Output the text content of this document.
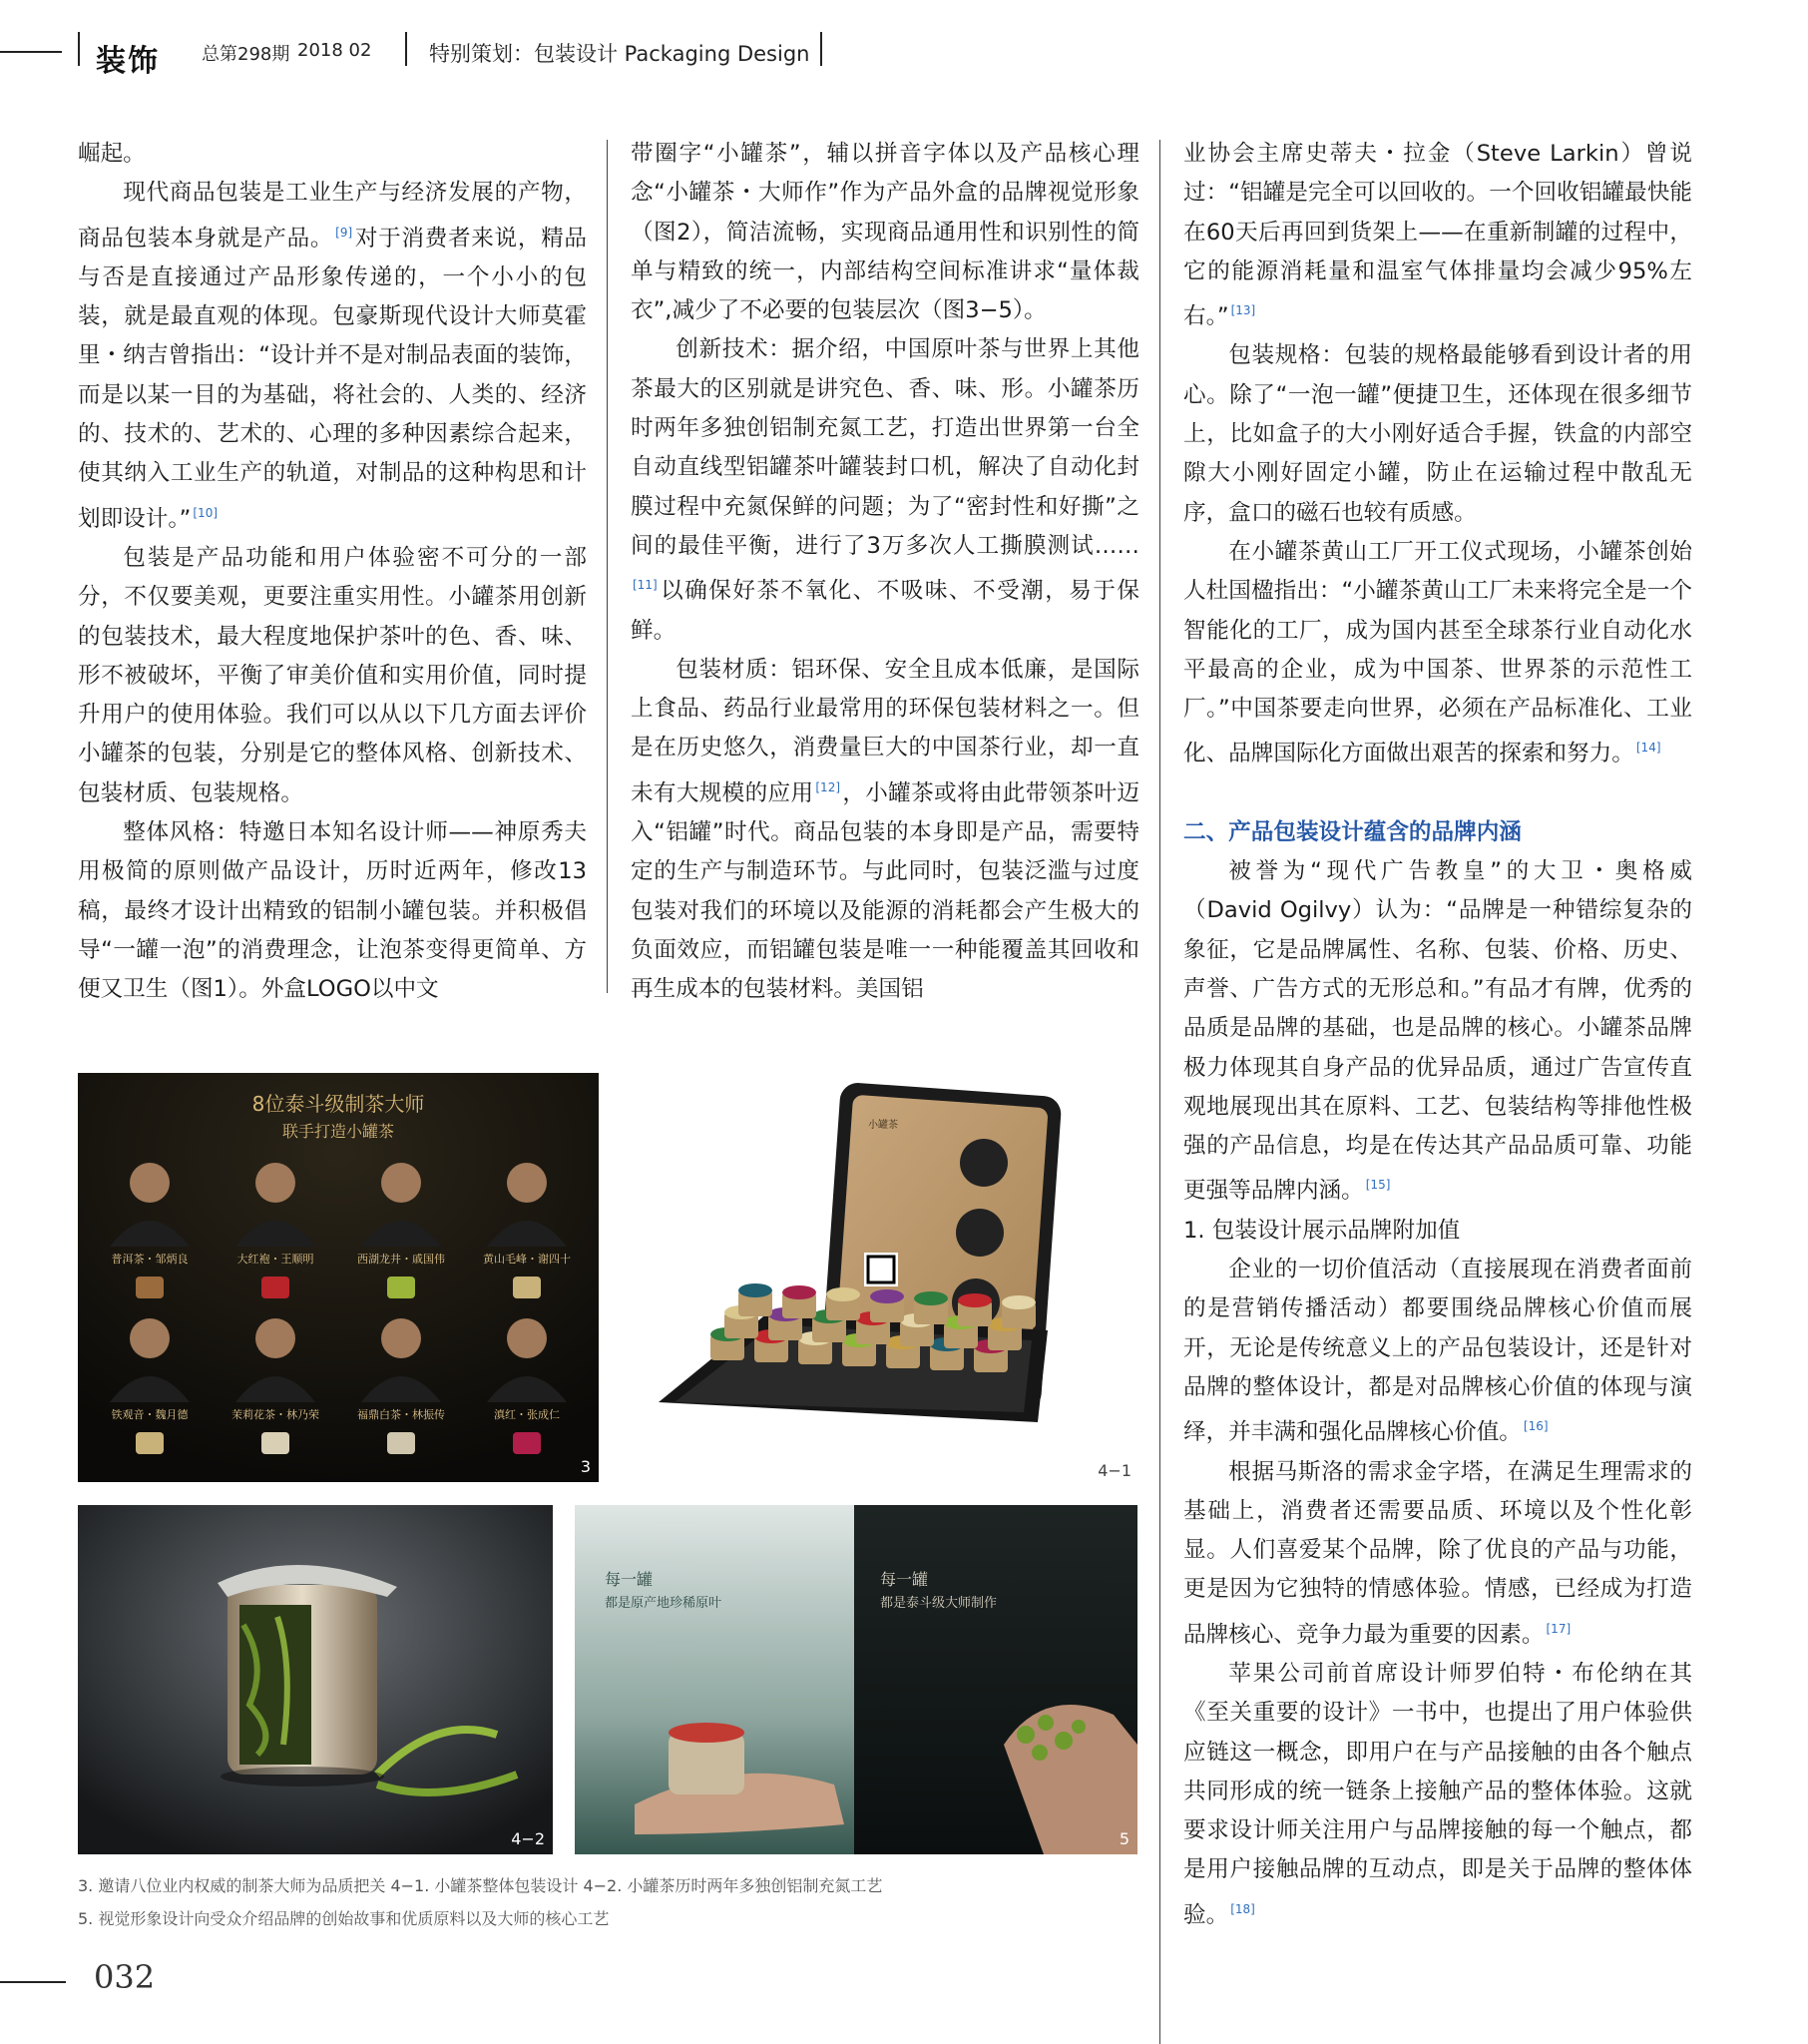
装饰 总第298期 2018 02	特别策划：包装设计 Packaging Design

崛起。

现代商品包装是工业生产与经济发展的产物，商品包装本身就是产品。 [9]对于消费者来说，精品与否是直接通过产品形象传递的，一个小小的包装，就是最直观的体现。包豪斯现代设计大师莫霍里・纳吉曾指出：“设计并不是对制品表面的装饰，而是以某一目的为基础，将社会的、人类的、经济的、技术的、艺术的、心理的多种因素综合起来，使其纳入工业生产的轨道，对制品的这种构思和计划即设计。” [10]

包装是产品功能和用户体验密不可分的一部分，不仅要美观，更要注重实用性。小罐茶用创新的包装技术，最大程度地保护茶叶的色、香、味、形不被破坏，平衡了审美价值和实用价值，同时提升用户的使用体验。我们可以从以下几方面去评价小罐茶的包装，分别是它的整体风格、创新技术、包装材质、包装规格。

整体风格：特邀日本知名设计师——神原秀夫用极简的原则做产品设计，历时近两年，修改13稿，最终才设计出精致的铝制小罐包装。并积极倡导“一罐一泡”的消费理念，让泡茶变得更简单、方便又卫生（图1）。外盒LOGO以中文

带圈字“小罐茶”，辅以拼音字体以及产品核心理念“小罐茶・大师作”作为产品外盒的品牌视觉形象（图2），简洁流畅，实现商品通用性和识别性的简单与精致的统一，内部结构空间标准讲求“量体裁衣”,减少了不必要的包装层次（图3−5）。

创新技术：据介绍，中国原叶茶与世界上其他茶最大的区别就是讲究色、香、味、形。小罐茶历时两年多独创铝制充氮工艺，打造出世界第一台全自动直线型铝罐茶叶罐装封口机，解决了自动化封膜过程中充氮保鲜的问题；为了“密封性和好撕”之间的最佳平衡，进行了3万多次人工撕膜测试……[11]以确保好茶不氧化、不吸味、不受潮，易于保鲜。

包装材质：铝环保、安全且成本低廉，是国际上食品、药品行业最常用的环保包装材料之一。但是在历史悠久，消费量巨大的中国茶行业，却一直未有大规模的应用 [12]，小罐茶或将由此带领茶叶迈入“铝罐”时代。商品包装的本身即是产品，需要特定的生产与制造环节。与此同时，包装泛滥与过度包装对我们的环境以及能源的消耗都会产生极大的负面效应，而铝罐包装是唯一一种能覆盖其回收和再生成本的包装材料。美国铝

业协会主席史蒂夫・拉金（Steve Larkin）曾说过：“铝罐是完全可以回收的。一个回收铝罐最快能在60天后再回到货架上——在重新制罐的过程中，它的能源消耗量和温室气体排量均会减少95%左右。” [13]

包装规格：包装的规格最能够看到设计者的用心。除了“一泡一罐”便捷卫生，还体现在很多细节上，比如盒子的大小刚好适合手握，铁盒的内部空隙大小刚好固定小罐，防止在运输过程中散乱无序，盒口的磁石也较有质感。

在小罐茶黄山工厂开工仪式现场，小罐茶创始人杜国楹指出：“小罐茶黄山工厂未来将完全是一个智能化的工厂，成为国内甚至全球茶行业自动化水平最高的企业，成为中国茶、世界茶的示范性工厂。”中国茶要走向世界，必须在产品标准化、工业化、品牌国际化方面做出艰苦的探索和努力。 [14]

二、产品包装设计蕴含的品牌内涵

被誉为“现代广告教皇”的大卫・奥格威（David Ogilvy）认为：“品牌是一种错综复杂的象征，它是品牌属性、名称、包装、价格、历史、声誉、广告方式的无形总和。”有品才有牌，优秀的品质是品牌的基础，也是品牌的核心。小罐茶品牌极力体现其自身产品的优异品质，通过广告宣传直观地展现出其在原料、工艺、包装结构等排他性极强的产品信息，均是在传达其产品品质可靠、功能更强等品牌内涵。 [15]

1. 包装设计展示品牌附加值

企业的一切价值活动（直接展现在消费者面前的是营销传播活动）都要围绕品牌核心价值而展开，无论是传统意义上的产品包装设计，还是针对品牌的整体设计，都是对品牌核心价值的体现与演绎，并丰满和强化品牌核心价值。 [16]

根据马斯洛的需求金字塔，在满足生理需求的基础上，消费者还需要品质、环境以及个性化彰显。人们喜爱某个品牌，除了优良的产品与功能，更是因为它独特的情感体验。情感，已经成为打造品牌核心、竞争力最为重要的因素。 [17]

苹果公司前首席设计师罗伯特・布伦纳在其《至关重要的设计》一书中，也提出了用户体验供应链这一概念，即用户在与产品接触的由各个触点共同形成的统一链条上接触产品的整体体验。这就要求设计师关注用户与品牌接触的每一个触点，都是用户接触品牌的互动点，即是关于品牌的整体体验。 [18]

8位泰斗级制茶大师
联手打造小罐茶
普洱茶・邹炳良	大红袍・王顺明	西湖龙井・戚国伟	黄山毛峰・谢四十
铁观音・魏月德	茉莉花茶・林乃荣	福鼎白茶・林振传	滇红・张成仁
3
小罐茶
4−1
4−2
每一罐
都是原产地珍稀原叶
每一罐
都是泰斗级大师制作
5
3. 邀请八位业内权威的制茶大师为品质把关 4−1. 小罐茶整体包装设计 4−2. 小罐茶历时两年多独创铝制充氮工艺
5. 视觉形象设计向受众介绍品牌的创始故事和优质原料以及大师的核心工艺
032
